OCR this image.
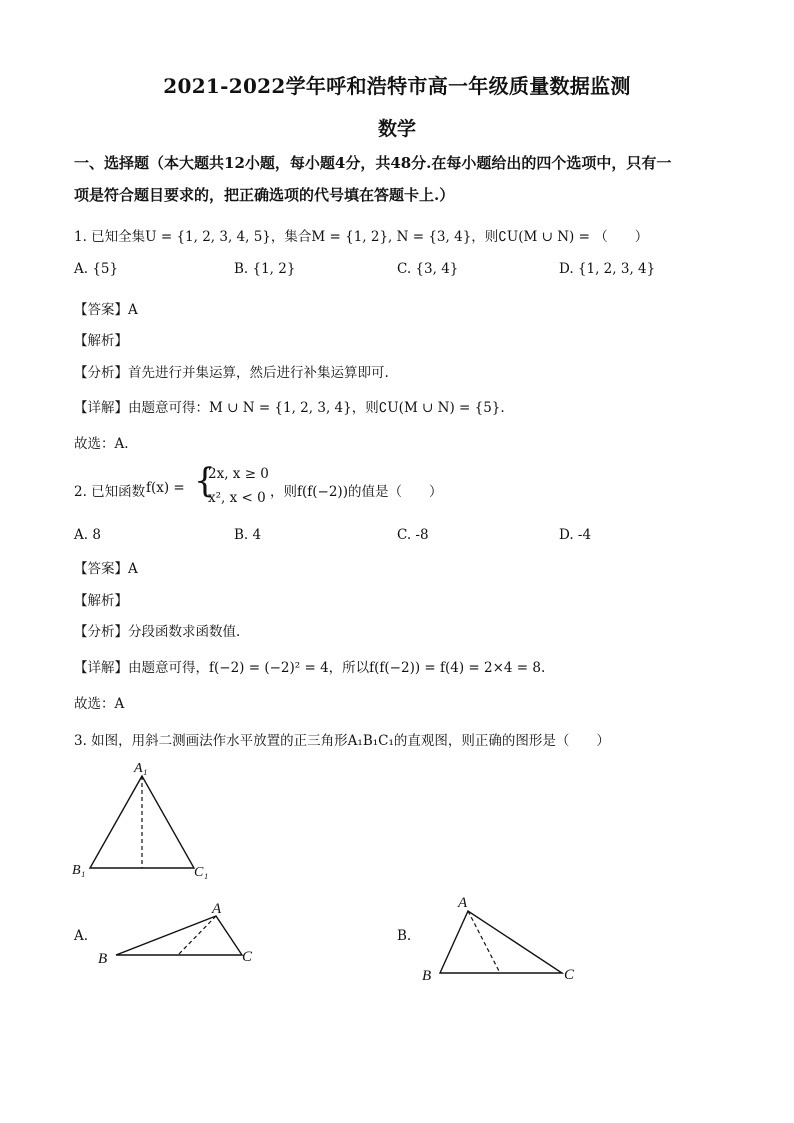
2021-2022学年呼和浩特市高一年级质量数据监测
数学
一、选择题（本大题共12小题，每小题4分，共48分.在每小题给出的四个选项中，只有一
项是符合题目要求的，把正确选项的代号填在答题卡上.）
1. 已知全集U = {1, 2, 3, 4, 5}，集合M = {1, 2}, N = {3, 4}，则∁U(M ∪ N) = （　　）
A. {5}	B. {1, 2}	C. {3, 4}	D. {1, 2, 3, 4}
【答案】A
【解析】
【分析】首先进行并集运算，然后进行补集运算即可.
【详解】由题意可得：M ∪ N = {1, 2, 3, 4}，则∁U(M ∪ N) = {5}.
故选：A.
2. 已知函数 f(x) = {
2x, x ≥ 0
x², x < 0 ，则f(f(−2))的值是（　　）
A. 8	B. 4	C. -8	D. -4
【答案】A
【解析】
【分析】分段函数求函数值.
【详解】由题意可得，f(−2) = (−2)² = 4，所以f(f(−2)) = f(4) = 2×4 = 8.
故选：A
3. 如图，用斜二测画法作水平放置的正三角形A₁B₁C₁的直观图，则正确的图形是（　　）
A₁
B₁	C₁
A.
A
B	C
B.
A
B	C
